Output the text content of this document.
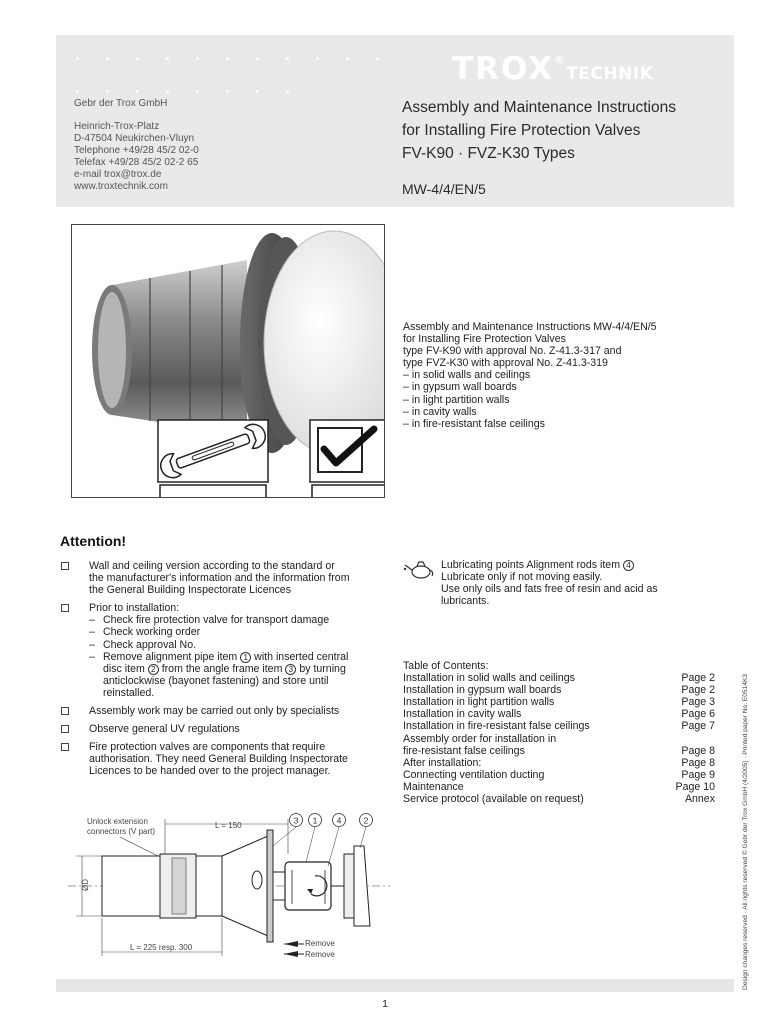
TROX®TECHNIK

Gebr der Trox GmbH

Heinrich-Trox-Platz

D-47504 Neukirchen-Vluyn

Telephone +49/28 45/2 02-0

Telefax +49/28 45/2 02-2 65

e-mail trox@trox.de

www.troxtechnik.com

Assembly and Maintenance Instructions

for Installing Fire Protection Valves

FV-K90 · FVZ-K30 Types

MW-4/4/EN/5

Assembly and Maintenance Instructions MW-4/4/EN/5

for Installing Fire Protection Valves

type FV-K90 with approval No. Z-41.3-317 and

type FVZ-K30 with approval No. Z-41.3-319

– in solid walls and ceilings

– in gypsum wall boards

– in light partition walls

– in cavity walls

– in fire-resistant false ceilings

Attention!
Wall and ceiling version according to the standard or
the manufacturer's information and the information from
the General Building Inspectorate Licences
Prior to installation:
– Check fire protection valve for transport damage
– Check working order
– Check approval No.
– Remove alignment pipe item 1 with inserted central
disc item 2 from the angle frame item 3 by turning
anticlockwise (bayonet fastening) and store until
reinstalled.
Assembly work may be carried out only by specialists
Observe general UV regulations
Fire protection valves are components that require
authorisation. They need General Building Inspectorate
Licences to be handed over to the project manager.

Lubricating points Alignment rods item 4

Lubricate only if not moving easily.

Use only oils and fats free of resin and acid as

lubricants.

Table of Contents:
Installation in solid walls and ceilings	Page 2
Installation in gypsum wall boards	Page 2
Installation in light partition walls	Page 3
Installation in cavity walls	Page 6
Installation in fire-resistant false ceilings	Page 7
Assembly order for installation in
fire-resistant false ceilings	Page 8
After installation:	Page 8
Connecting ventilation ducting	Page 9
Maintenance	Page 10
Service protocol (available on request)	Annex
Unlock extension
connectors (V part)
L = 150
ØD
3 1 4	2
L = 225 resp. 300	Remove
Remove	Design changes reserved · All rights reserved © Gebr der Trox GmbH (4/2005) · Printed paper No. E0514K3
1
